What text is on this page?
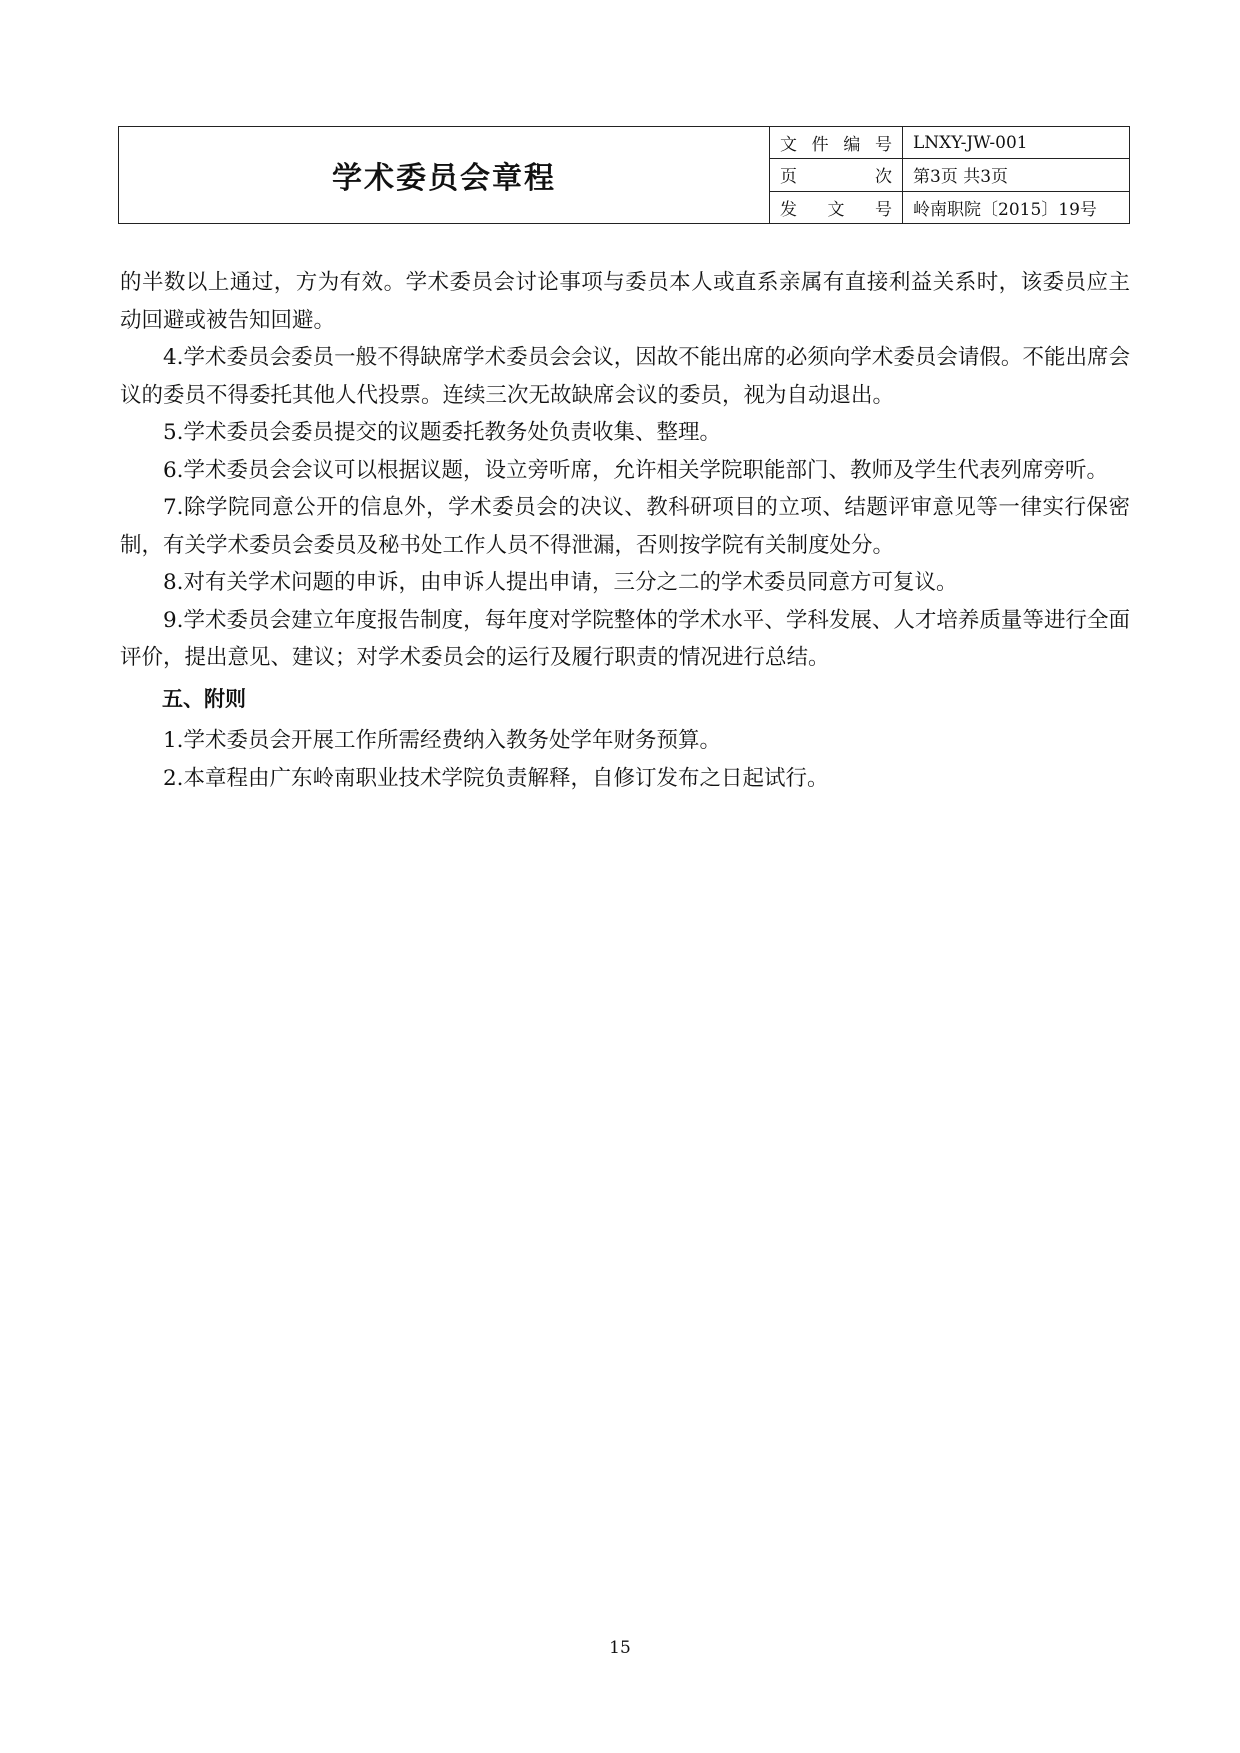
学术委员会章程	文件编号	LNXY-JW-001
	页次	第3页 共3页
	发文号	岭南职院〔2015〕19号

的半数以上通过，方为有效。学术委员会讨论事项与委员本人或直系亲属有直接利益关系时，该委员应主动回避或被告知回避。

4.学术委员会委员一般不得缺席学术委员会会议，因故不能出席的必须向学术委员会请假。不能出席会议的委员不得委托其他人代投票。连续三次无故缺席会议的委员，视为自动退出。

5.学术委员会委员提交的议题委托教务处负责收集、整理。

6.学术委员会会议可以根据议题，设立旁听席，允许相关学院职能部门、教师及学生代表列席旁听。

7.除学院同意公开的信息外，学术委员会的决议、教科研项目的立项、结题评审意见等一律实行保密制，有关学术委员会委员及秘书处工作人员不得泄漏，否则按学院有关制度处分。

8.对有关学术问题的申诉，由申诉人提出申请，三分之二的学术委员同意方可复议。

9.学术委员会建立年度报告制度，每年度对学院整体的学术水平、学科发展、人才培养质量等进行全面评价，提出意见、建议；对学术委员会的运行及履行职责的情况进行总结。

五、附则

1.学术委员会开展工作所需经费纳入教务处学年财务预算。

2.本章程由广东岭南职业技术学院负责解释，自修订发布之日起试行。

15
